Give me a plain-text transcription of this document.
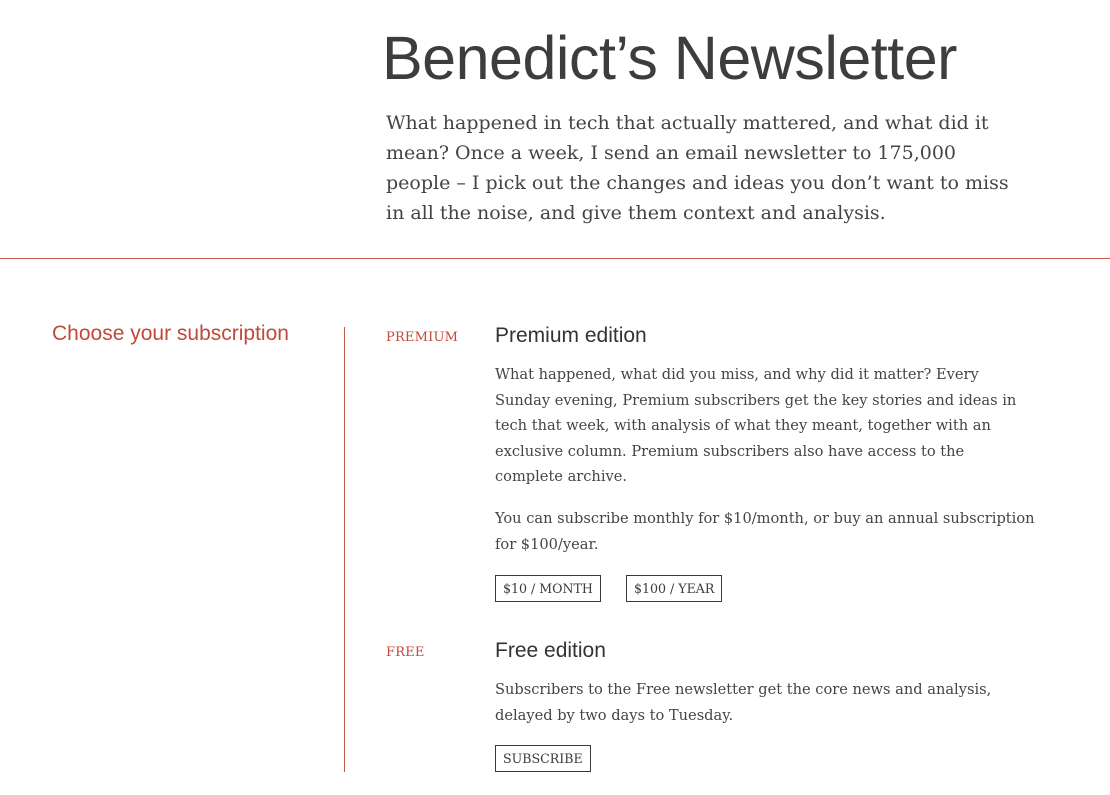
Benedict’s Newsletter

What happened in tech that actually mattered, and what did it mean? Once a week, I send an email newsletter to 175,000 people – I pick out the changes and ideas you don’t want to miss in all the noise, and give them context and analysis.

Choose your subscription	PREMIUM Premium edition

What happened, what did you miss, and why did it matter? Every Sunday evening, Premium subscribers get the key stories and ideas in tech that week, with analysis of what they meant, together with an exclusive column. Premium subscribers also have access to the complete archive.

You can subscribe monthly for $10/month, or buy an annual subscription for $100/year.

$10 / MONTH	$100 / YEAR
FREE	Free edition

Subscribers to the Free newsletter get the core news and analysis, delayed by two days to Tuesday.

SUBSCRIBE
